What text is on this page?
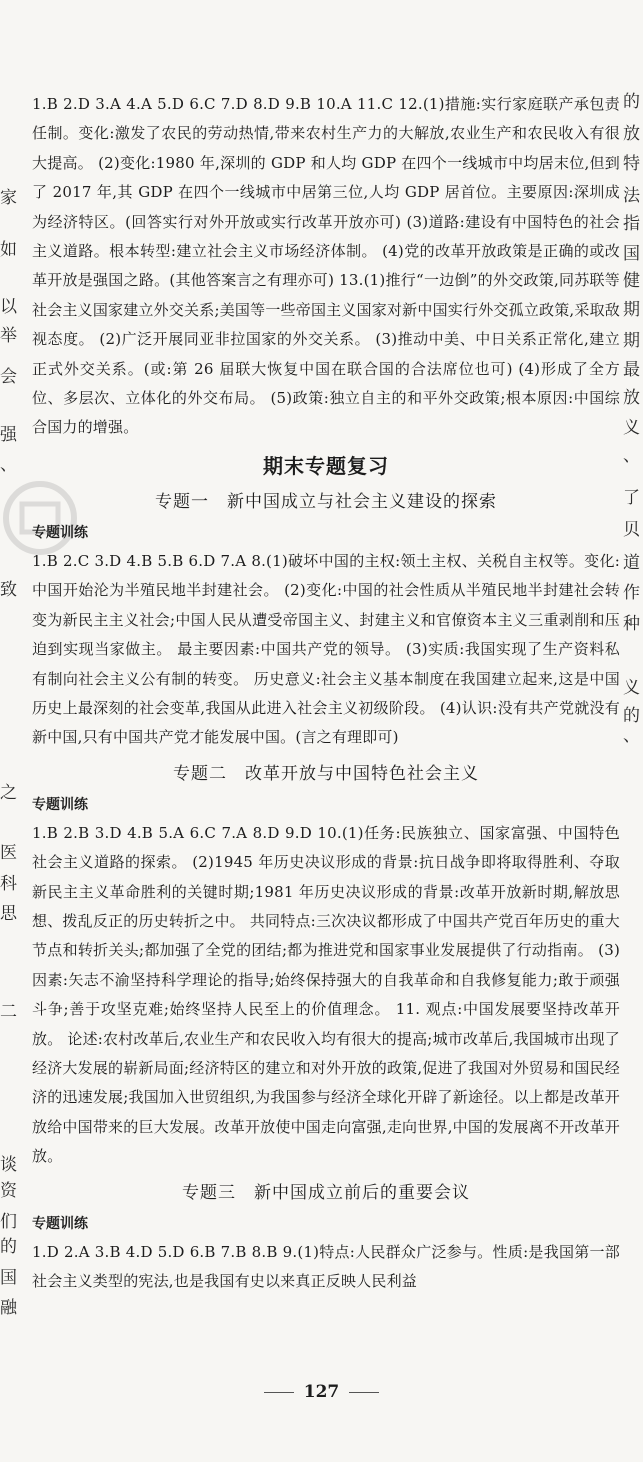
家
如
以
举
会
强
、
致
之
医
科
思
二
谈
资
们
的
国
融
的
放
特
法
指
国
健
期
期
最
放
义
、
了
贝
道
作
种
义
的
、

1.B 2.D 3.A 4.A 5.D 6.C 7.D 8.D 9.B 10.A 11.C 12.(1)措施:实行家庭联产承包责任制。变化:激发了农民的劳动热情,带来农村生产力的大解放,农业生产和农民收入有很大提高。 (2)变化:1980 年,深圳的 GDP 和人均 GDP 在四个一线城市中均居末位,但到了 2017 年,其 GDP 在四个一线城市中居第三位,人均 GDP 居首位。主要原因:深圳成为经济特区。(回答实行对外开放或实行改革开放亦可) (3)道路:建设有中国特色的社会主义道路。根本转型:建立社会主义市场经济体制。 (4)党的改革开放政策是正确的或改革开放是强国之路。(其他答案言之有理亦可) 13.(1)推行“一边倒”的外交政策,同苏联等社会主义国家建立外交关系;美国等一些帝国主义国家对新中国实行外交孤立政策,采取敌视态度。 (2)广泛开展同亚非拉国家的外交关系。 (3)推动中美、中日关系正常化,建立正式外交关系。(或:第 26 届联大恢复中国在联合国的合法席位也可) (4)形成了全方位、多层次、立体化的外交布局。 (5)政策:独立自主的和平外交政策;根本原因:中国综合国力的增强。

期末专题复习
专题一　新中国成立与社会主义建设的探索
专题训练

1.B 2.C 3.D 4.B 5.B 6.D 7.A 8.(1)破坏中国的主权:领土主权、关税自主权等。变化:中国开始沦为半殖民地半封建社会。 (2)变化:中国的社会性质从半殖民地半封建社会转变为新民主主义社会;中国人民从遭受帝国主义、封建主义和官僚资本主义三重剥削和压迫到实现当家做主。 最主要因素:中国共产党的领导。 (3)实质:我国实现了生产资料私有制向社会主义公有制的转变。 历史意义:社会主义基本制度在我国建立起来,这是中国历史上最深刻的社会变革,我国从此进入社会主义初级阶段。 (4)认识:没有共产党就没有新中国,只有中国共产党才能发展中国。(言之有理即可)

专题二　改革开放与中国特色社会主义
专题训练

1.B 2.B 3.D 4.B 5.A 6.C 7.A 8.D 9.D 10.(1)任务:民族独立、国家富强、中国特色社会主义道路的探索。 (2)1945 年历史决议形成的背景:抗日战争即将取得胜利、夺取新民主主义革命胜利的关键时期;1981 年历史决议形成的背景:改革开放新时期,解放思想、拨乱反正的历史转折之中。 共同特点:三次决议都形成了中国共产党百年历史的重大节点和转折关头;都加强了全党的团结;都为推进党和国家事业发展提供了行动指南。 (3)因素:矢志不渝坚持科学理论的指导;始终保持强大的自我革命和自我修复能力;敢于顽强斗争;善于攻坚克难;始终坚持人民至上的价值理念。 11. 观点:中国发展要坚持改革开放。 论述:农村改革后,农业生产和农民收入均有很大的提高;城市改革后,我国城市出现了经济大发展的崭新局面;经济特区的建立和对外开放的政策,促进了我国对外贸易和国民经济的迅速发展;我国加入世贸组织,为我国参与经济全球化开辟了新途径。以上都是改革开放给中国带来的巨大发展。改革开放使中国走向富强,走向世界,中国的发展离不开改革开放。

专题三　新中国成立前后的重要会议
专题训练

1.D 2.A 3.B 4.D 5.D 6.B 7.B 8.B 9.(1)特点:人民群众广泛参与。性质:是我国第一部社会主义类型的宪法,也是我国有史以来真正反映人民利益

127
